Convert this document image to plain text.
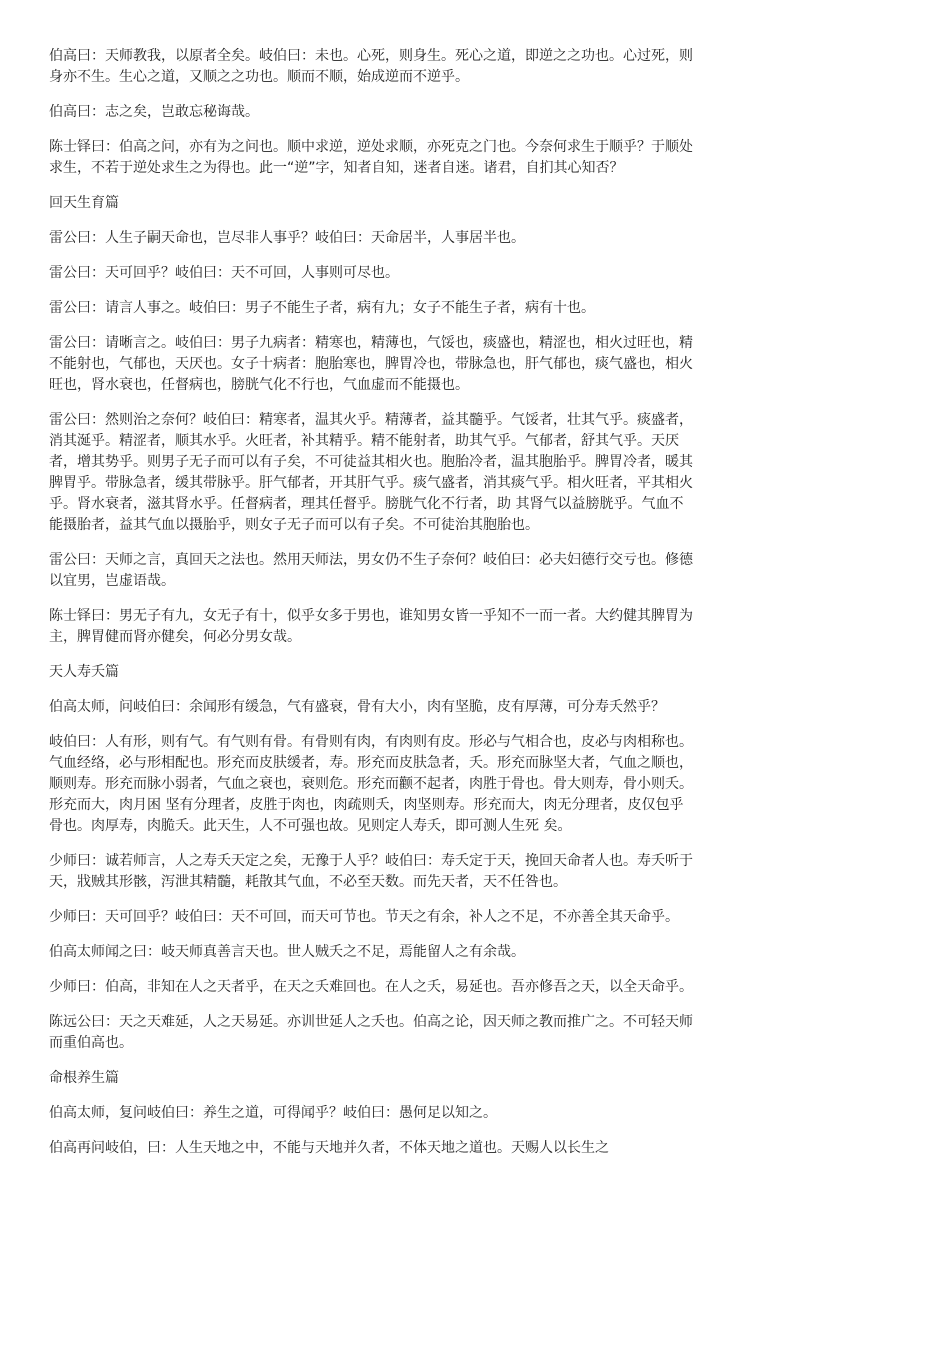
伯高曰：天师教我，以原者全矣。岐伯曰：未也。心死，则身生。死心之道，即逆之之功也。心过死，则身亦不生。生心之道，又顺之之功也。顺而不顺，始成逆而不逆乎。

伯高曰：志之矣，岂敢忘秘诲哉。

陈士铎曰：伯高之问，亦有为之问也。顺中求逆，逆处求顺，亦死克之门也。今奈何求生于顺乎？于顺处求生，不若于逆处求生之为得也。此一“逆”字，知者自知，迷者自迷。诸君，自扪其心知否？

回天生育篇

雷公曰：人生子嗣天命也，岂尽非人事乎？岐伯曰：天命居半，人事居半也。

雷公曰：天可回乎？岐伯曰：天不可回，人事则可尽也。

雷公曰：请言人事之。岐伯曰：男子不能生子者，病有九；女子不能生子者，病有十也。

雷公曰：请晰言之。岐伯曰：男子九病者：精寒也，精薄也，气馁也，痰盛也，精涩也，相火过旺也，精不能射也，气郁也，天厌也。女子十病者：胞胎寒也，脾胃冷也，带脉急也，肝气郁也，痰气盛也，相火旺也，肾水衰也，任督病也，膀胱气化不行也，气血虚而不能摄也。

雷公曰：然则治之奈何？岐伯曰：精寒者，温其火乎。精薄者，益其髓乎。气馁者，壮其气乎。痰盛者，消其涎乎。精涩者，顺其水乎。火旺者，补其精乎。精不能射者，助其气乎。气郁者，舒其气乎。天厌者，增其势乎。则男子无子而可以有子矣，不可徒益其相火也。胞胎冷者，温其胞胎乎。脾胃冷者，暖其脾胃乎。带脉急者，缓其带脉乎。肝气郁者，开其肝气乎。痰气盛者，消其痰气乎。相火旺者，平其相火乎。肾水衰者，滋其肾水乎。任督病者，理其任督乎。膀胱气化不行者，助 其肾气以益膀胱乎。气血不能摄胎者，益其气血以摄胎乎，则女子无子而可以有子矣。不可徒治其胞胎也。

雷公曰：天师之言，真回天之法也。然用天师法，男女仍不生子奈何？岐伯曰：必夫妇德行交亏也。修德以宜男，岂虚语哉。

陈士铎曰：男无子有九，女无子有十，似乎女多于男也，谁知男女皆一乎知不一而一者。大约健其脾胃为主，脾胃健而肾亦健矣，何必分男女哉。

天人寿夭篇

伯高太师，问岐伯曰：余闻形有缓急，气有盛衰，骨有大小，肉有坚脆，皮有厚薄，可分寿夭然乎？

岐伯曰：人有形，则有气。有气则有骨。有骨则有肉，有肉则有皮。形必与气相合也，皮必与肉相称也。气血经络，必与形相配也。形充而皮肤缓者，寿。形充而皮肤急者，夭。形充而脉坚大者，气血之顺也，顺则寿。形充而脉小弱者，气血之衰也，衰则危。形充而颧不起者，肉胜于骨也。骨大则寿，骨小则夭。形充而大，肉月困 坚有分理者，皮胜于肉也，肉疏则夭，肉坚则寿。形充而大，肉无分理者，皮仅包乎骨也。肉厚寿，肉脆夭。此天生，人不可强也故。见则定人寿夭，即可测人生死 矣。

少师曰：诚若师言，人之寿夭天定之矣，无豫于人乎？岐伯曰：寿夭定于天，挽回天命者人也。寿夭听于天，戕贼其形骸，泻泄其精髓，耗散其气血，不必至天数。而先天者，天不任咎也。

少师曰：天可回乎？岐伯曰：天不可回，而天可节也。节天之有余，补人之不足，不亦善全其天命乎。

伯高太师闻之曰：岐天师真善言天也。世人贼夭之不足，焉能留人之有余哉。

少师曰：伯高，非知在人之天者乎，在天之夭难回也。在人之夭，易延也。吾亦修吾之天，以全天命乎。

陈远公曰：天之天难延，人之天易延。亦训世延人之夭也。伯高之论，因天师之教而推广之。不可轻天师而重伯高也。

命根养生篇

伯高太师，复问岐伯曰：养生之道，可得闻乎？岐伯曰：愚何足以知之。

伯高再问岐伯，曰：人生天地之中，不能与天地并久者，不体天地之道也。天赐人以长生之
